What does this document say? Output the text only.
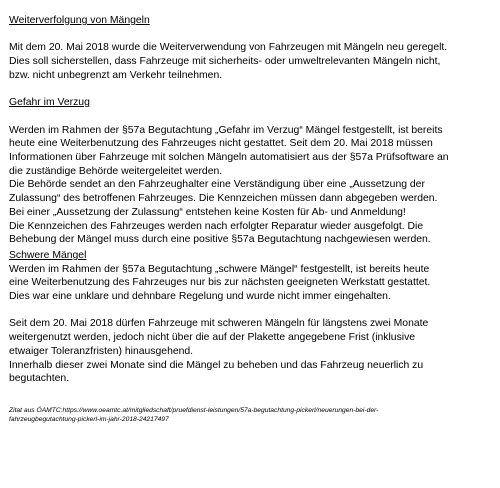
Weiterverfolgung von Mängeln

Mit dem 20. Mai 2018 wurde die Weiterverwendung von Fahrzeugen mit Mängeln neu geregelt.
Dies soll sicherstellen, dass Fahrzeuge mit sicherheits- oder umweltrelevanten Mängeln nicht,
bzw. nicht unbegrenzt am Verkehr teilnehmen.

Gefahr im Verzug

Werden im Rahmen der §57a Begutachtung „Gefahr im Verzug“ Mängel festgestellt, ist bereits
heute eine Weiterbenutzung des Fahrzeuges nicht gestattet. Seit dem 20. Mai 2018 müssen
Informationen über Fahrzeuge mit solchen Mängeln automatisiert aus der §57a Prüfsoftware an
die zuständige Behörde weitergeleitet werden.
Die Behörde sendet an den Fahrzeughalter eine Verständigung über eine „Aussetzung der
Zulassung“ des betroffenen Fahrzeuges. Die Kennzeichen müssen dann abgegeben werden.
Bei einer „Aussetzung der Zulassung“ entstehen keine Kosten für Ab- und Anmeldung!
Die Kennzeichen des Fahrzeuges werden nach erfolgter Reparatur wieder ausgefolgt. Die
Behebung der Mängel muss durch eine positive §57a Begutachtung nachgewiesen werden.

Schwere Mängel

Werden im Rahmen der §57a Begutachtung „schwere Mängel“ festgestellt, ist bereits heute
eine Weiterbenutzung des Fahrzeuges nur bis zur nächsten geeigneten Werkstatt gestattet.
Dies war eine unklare und dehnbare Regelung und wurde nicht immer eingehalten.

Seit dem 20. Mai 2018 dürfen Fahrzeuge mit schweren Mängeln für längstens zwei Monate
weitergenutzt werden, jedoch nicht über die auf der Plakette angegebene Frist (inklusive
etwaiger Toleranzfristen) hinausgehend.
Innerhalb dieser zwei Monate sind die Mängel zu beheben und das Fahrzeug neuerlich zu
begutachten.

Zitat aus ÖAMTC:https://www.oeamtc.at/mitgliedschaft/pruefdienst-leistungen/57a-begutachtung-pickerl/neuerungen-bei-der-
fahrzeugbegutachtung-pickerl-im-jahr-2018-24217497
